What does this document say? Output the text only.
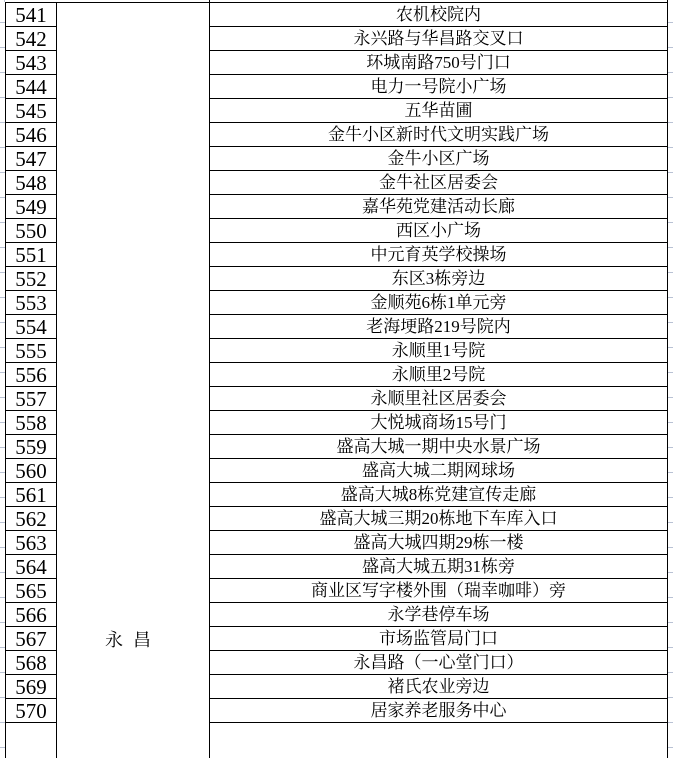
541
542
543
544
545
546
547
548
549
550
551
552
553
554
555
556
557
558
559
560
561
562
563
564
565
566
567
568
569
570
永昌
农机校院内
永兴路与华昌路交叉口
环城南路750号门口
电力一号院小广场
五华苗圃
金牛小区新时代文明实践广场
金牛小区广场
金牛社区居委会
嘉华苑党建活动长廊
西区小广场
中元育英学校操场
东区3栋旁边
金顺苑6栋1单元旁
老海埂路219号院内
永顺里1号院
永顺里2号院
永顺里社区居委会
大悦城商场15号门
盛高大城一期中央水景广场
盛高大城二期网球场
盛高大城8栋党建宣传走廊
盛高大城三期20栋地下车库入口
盛高大城四期29栋一楼
盛高大城五期31栋旁
商业区写字楼外围（瑞幸咖啡）旁
永学巷停车场
市场监管局门口
永昌路（一心堂门口）
褚氏农业旁边
居家养老服务中心
